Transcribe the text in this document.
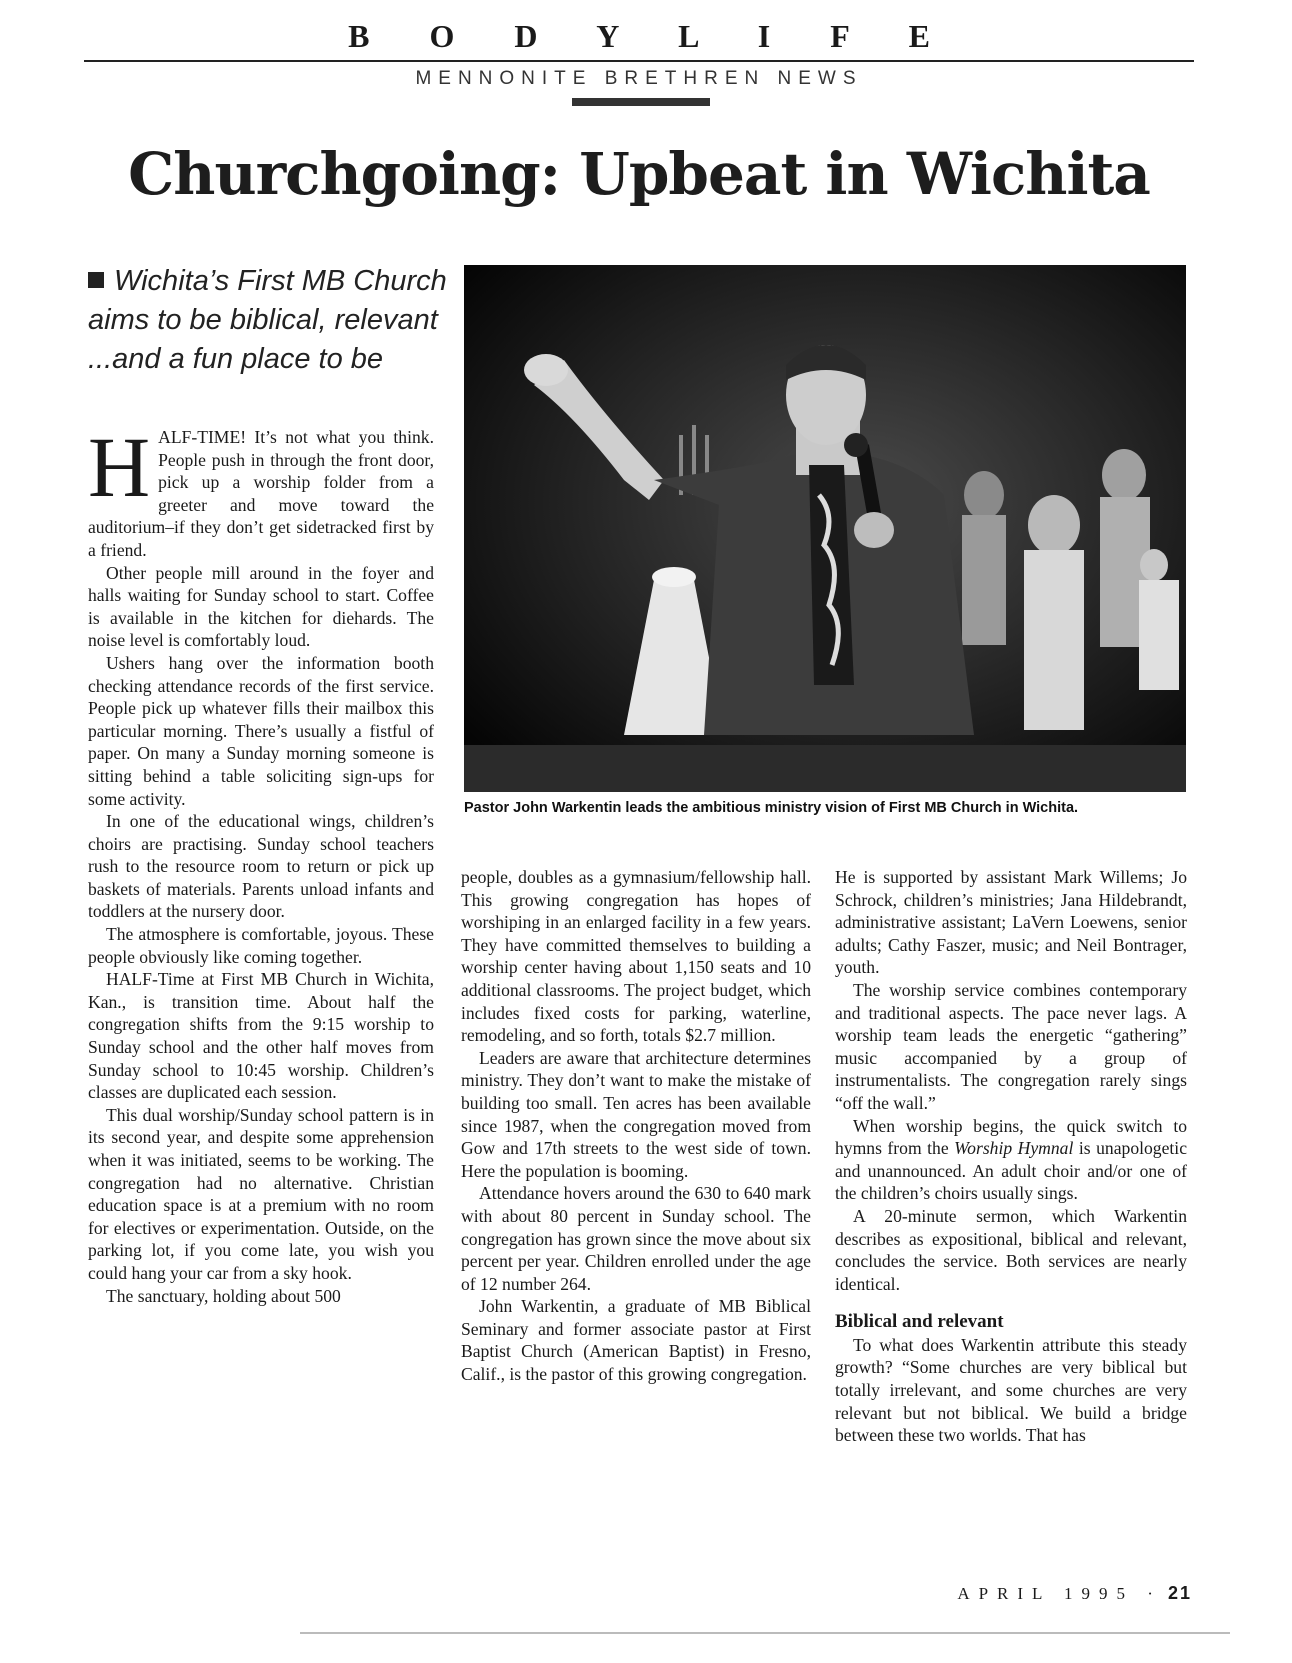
B O D Y L I F E
MENNONITE BRETHREN NEWS
Churchgoing: Upbeat in Wichita
Wichita’s First MB Church aims to be biblical, relevant ...and a fun place to be
Pastor John Warkentin leads the ambitious ministry vision of First MB Church in Wichita.

HALF-TIME! It’s not what you think. People push in through the front door, pick up a worship folder from a greeter and move toward the auditorium–if they don’t get sidetracked first by a friend.

Other people mill around in the foyer and halls waiting for Sunday school to start. Coffee is available in the kitchen for diehards. The noise level is comfortably loud.

Ushers hang over the information booth checking attendance records of the first service. People pick up whatever fills their mailbox this particular morning. There’s usually a fistful of paper. On many a Sunday morning someone is sitting behind a table soliciting sign-ups for some activity.

In one of the educational wings, children’s choirs are practising. Sunday school teachers rush to the resource room to return or pick up baskets of materials. Parents unload infants and toddlers at the nursery door.

The atmosphere is comfortable, joyous. These people obviously like coming together.

HALF-Time at First MB Church in Wichita, Kan., is transition time. About half the congregation shifts from the 9:15 worship to Sunday school and the other half moves from Sunday school to 10:45 worship. Children’s classes are duplicated each session.

This dual worship/Sunday school pattern is in its second year, and despite some apprehension when it was initiated, seems to be working. The congregation had no alternative. Christian education space is at a premium with no room for electives or experimentation. Outside, on the parking lot, if you come late, you wish you could hang your car from a sky hook.

The sanctuary, holding about 500

people, doubles as a gymnasium/fellowship hall. This growing congregation has hopes of worshiping in an enlarged facility in a few years. They have committed themselves to building a worship center having about 1,150 seats and 10 additional classrooms. The project budget, which includes fixed costs for parking, waterline, remodeling, and so forth, totals $2.7 million.

Leaders are aware that architecture determines ministry. They don’t want to make the mistake of building too small. Ten acres has been available since 1987, when the congregation moved from Gow and 17th streets to the west side of town. Here the population is booming.

Attendance hovers around the 630 to 640 mark with about 80 percent in Sunday school. The congregation has grown since the move about six percent per year. Children enrolled under the age of 12 number 264.

John Warkentin, a graduate of MB Biblical Seminary and former associate pastor at First Baptist Church (American Baptist) in Fresno, Calif., is the pastor of this growing congregation.

He is supported by assistant Mark Willems; Jo Schrock, children’s ministries; Jana Hildebrandt, administrative assistant; LaVern Loewens, senior adults; Cathy Faszer, music; and Neil Bontrager, youth.

The worship service combines contemporary and traditional aspects. The pace never lags. A worship team leads the energetic “gathering” music accompanied by a group of instrumentalists. The congregation rarely sings “off the wall.”

When worship begins, the quick switch to hymns from the Worship Hymnal is unapologetic and unannounced. An adult choir and/or one of the children’s choirs usually sings.

A 20-minute sermon, which Warkentin describes as expositional, biblical and relevant, concludes the service. Both services are nearly identical.

Biblical and relevant

To what does Warkentin attribute this steady growth? “Some churches are very biblical but totally irrelevant, and some churches are very relevant but not biblical. We build a bridge between these two worlds. That has

APRIL 1995 · 21
